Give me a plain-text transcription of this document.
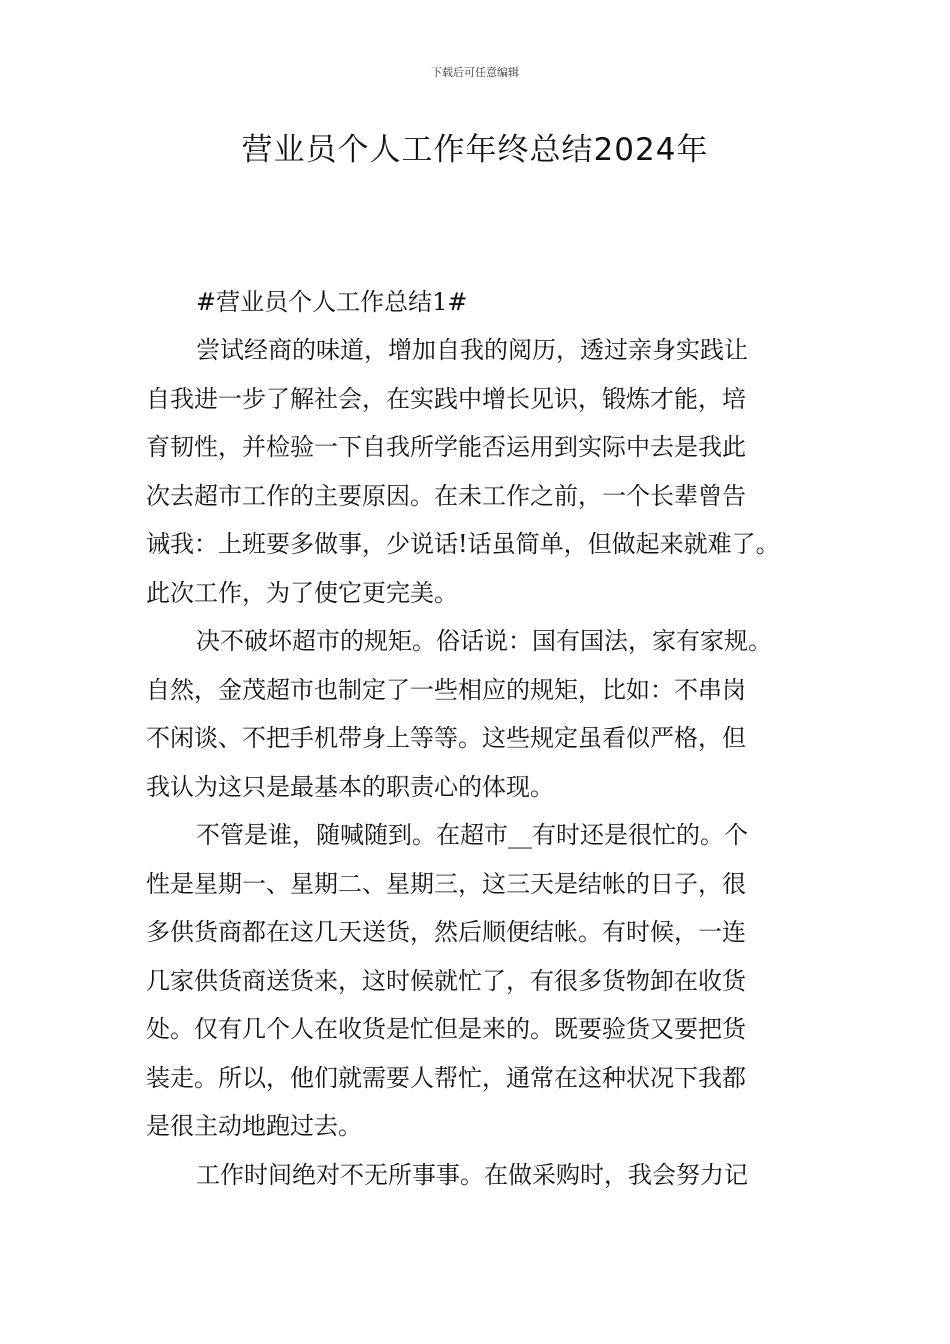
下载后可任意编辑
营业员个人工作年终总结2024年
#营业员个人工作总结1#
尝试经商的味道，增加自我的阅历，透过亲身实践让
自我进一步了解社会，在实践中增长见识，锻炼才能，培
育韧性，并检验一下自我所学能否运用到实际中去是我此
次去超市工作的主要原因。在未工作之前，一个长辈曾告
诫我：上班要多做事，少说话!话虽简单，但做起来就难了。
此次工作，为了使它更完美。
决不破坏超市的规矩。俗话说：国有国法，家有家规。
自然，金茂超市也制定了一些相应的规矩，比如：不串岗
不闲谈、不把手机带身上等等。这些规定虽看似严格，但
我认为这只是最基本的职责心的体现。
不管是谁，随喊随到。在超市__有时还是很忙的。个
性是星期一、星期二、星期三，这三天是结帐的日子，很
多供货商都在这几天送货，然后顺便结帐。有时候，一连
几家供货商送货来，这时候就忙了，有很多货物卸在收货
处。仅有几个人在收货是忙但是来的。既要验货又要把货
装走。所以，他们就需要人帮忙，通常在这种状况下我都
是很主动地跑过去。
工作时间绝对不无所事事。在做采购时，我会努力记
